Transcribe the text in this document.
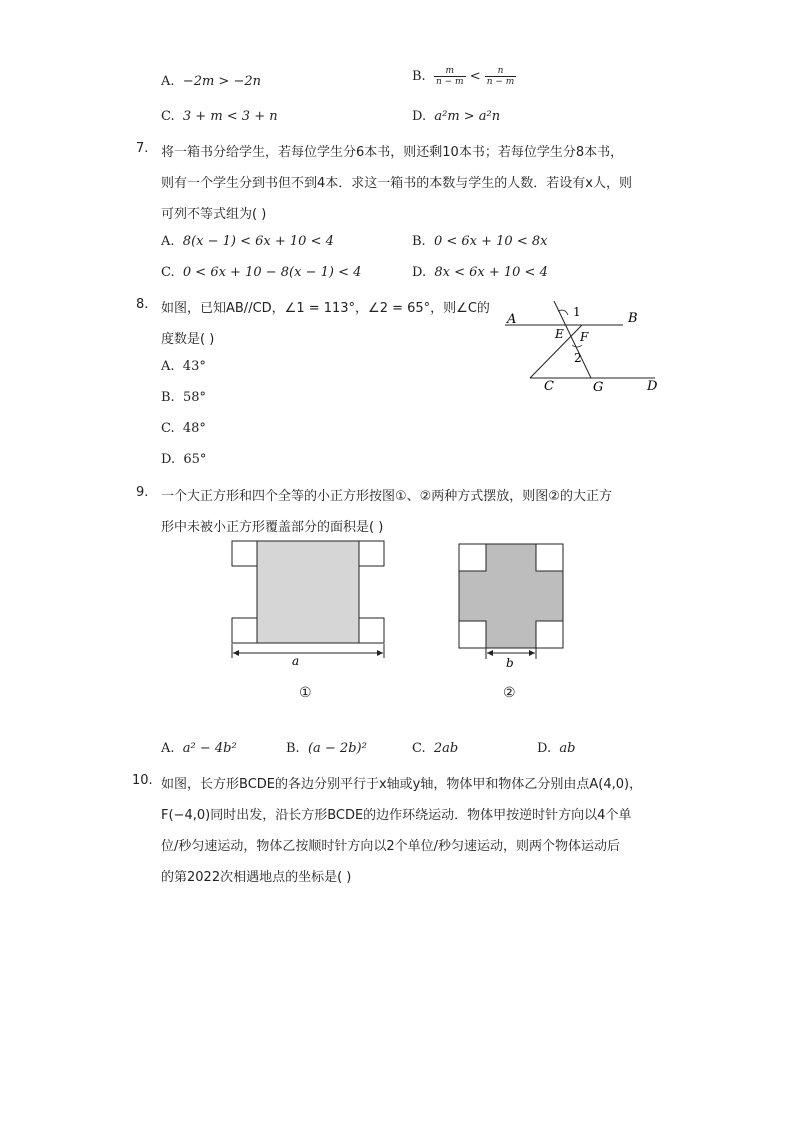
A. −2m > −2n	B. $\frac{m}{n - m} < \frac{n}{n - m}$
C. 3 + m < 3 + n	D. a²m > a²n
7. 将一箱书分给学生，若每位学生分6本书，则还剩10本书；若每位学生分8本书，
则有一个学生分到书但不到4本．求这一箱书的本数与学生的人数．若设有x人，则
可列不等式组为( )
A. 8(x − 1) < 6x + 10 < 4	B. 0 < 6x + 10 < 8x
C. 0 < 6x + 10 − 8(x − 1) < 4	D. 8x < 6x + 10 < 4
8. 如图，已知AB//CD，∠1 = 113°，∠2 = 65°，则∠C的
度数是( )
A. 43°
B. 58°
C. 48°
D. 65°
A	B
E F
1
2
C	G	D
9. 一个大正方形和四个全等的小正方形按图①、②两种方式摆放，则图②的大正方
形中未被小正方形覆盖部分的面积是( )
a	b
①	②
A. a² − 4b²	B. (a − 2b)²	C. 2ab	D. ab
10. 如图，长方形BCDE的各边分别平行于x轴或y轴，物体甲和物体乙分别由点A(4,0)，
F(−4,0)同时出发，沿长方形BCDE的边作环绕运动．物体甲按逆时针方向以4个单
位/秒匀速运动，物体乙按顺时针方向以2个单位/秒匀速运动，则两个物体运动后
的第2022次相遇地点的坐标是( )
